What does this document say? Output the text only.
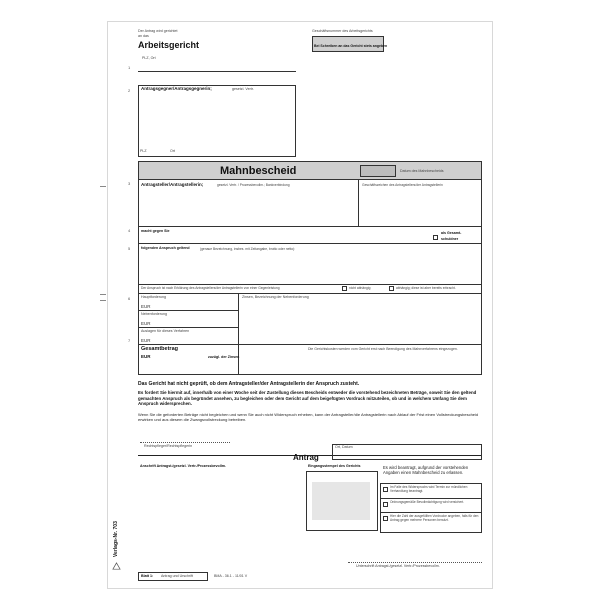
Der Antrag wird gerichtet
an das
Arbeitsgericht
PLZ, Ort
1
Geschäftsnummer des Arbeitsgerichts
Bei Schreiben an das Gericht stets angeben
2 Antragsgegner/Antragsgegnerin;	gesetzl. Vertr.
PLZ	Ort
Mahnbescheid	Datum des Mahnbescheids
3 Antragsteller/Antragstellerin;	gesetzl. Vertr. / Prozessbevollm.; Bankverbindung	Geschäftszeichen des Antragstellers/der Antragstellerin
4	macht gegen Sie	als Gesamt-
schuldner
5	folgenden Anspruch geltend	(genaue Bezeichnung, insbes. mit Zeitangabe, brutto oder netto):
Der Anspruch ist nach Erklärung des Antragstellers/der Antragstellerin von einer Gegenleistung	nicht abhängig	abhängig; diese ist aber bereits erbracht.
6	Hauptforderung
EUR
Nebenforderung
EUR
Auslagen für dieses Verfahren
EUR
7
Zinsen, Bezeichnung der Nebenforderung
Gesamtbetrag
EUR	zuzügl. der Zinsen
Die Gerichtskosten werden vom Gericht erst nach Beendigung des Mahnverfahrens eingezogen.
Das Gericht hat nicht geprüft, ob dem Antragsteller/der Antragstellerin der Anspruch zusteht.
Es fordert Sie hiermit auf, innerhalb von einer Woche seit der Zustellung dieses Bescheids entweder die vorstehend bezeichneten Beträge, soweit Sie den geltend gemachten Anspruch als begründet ansehen, zu begleichen oder dem Gericht auf dem beigefügten Vordruck mitzuteilen, ob und in welchem Umfang Sie dem Anspruch widersprechen.
Wenn Sie die geforderten Beträge nicht begleichen und wenn Sie auch nicht Widerspruch erheben, kann der Antragsteller/die Antragstellerin nach Ablauf der Frist einen Vollstreckungsbescheid erwirken und aus diesem die Zwangsvollstreckung betreiben.
Rechtspfleger/Rechtspflegerin
Antrag
Ort, Datum
Anschrift Antragst./gesetzl. Vertr./Prozessbevollm.	Eingangsstempel des Gerichts	Es wird beantragt, aufgrund der vorstehenden Angaben einen Mahnbescheid zu erlassen.
Im Falle des Widerspruchs wird Termin zur mündlichen Verhandlung beantragt.
Ordnungsgemäße Bevollmächtigung wird versichert.
Hier die Zahl der ausgefüllten Vordrucke angeben, falls für den Antrag gegen mehrere Personen benutzt.
Unterschrift Antragst./gesetzl. Vertr./Prozessbevollm.
Blatt 1: Antrag und Urschrift	BMA - 36.1 - 11/01 V
Verlags-Nr. 703
